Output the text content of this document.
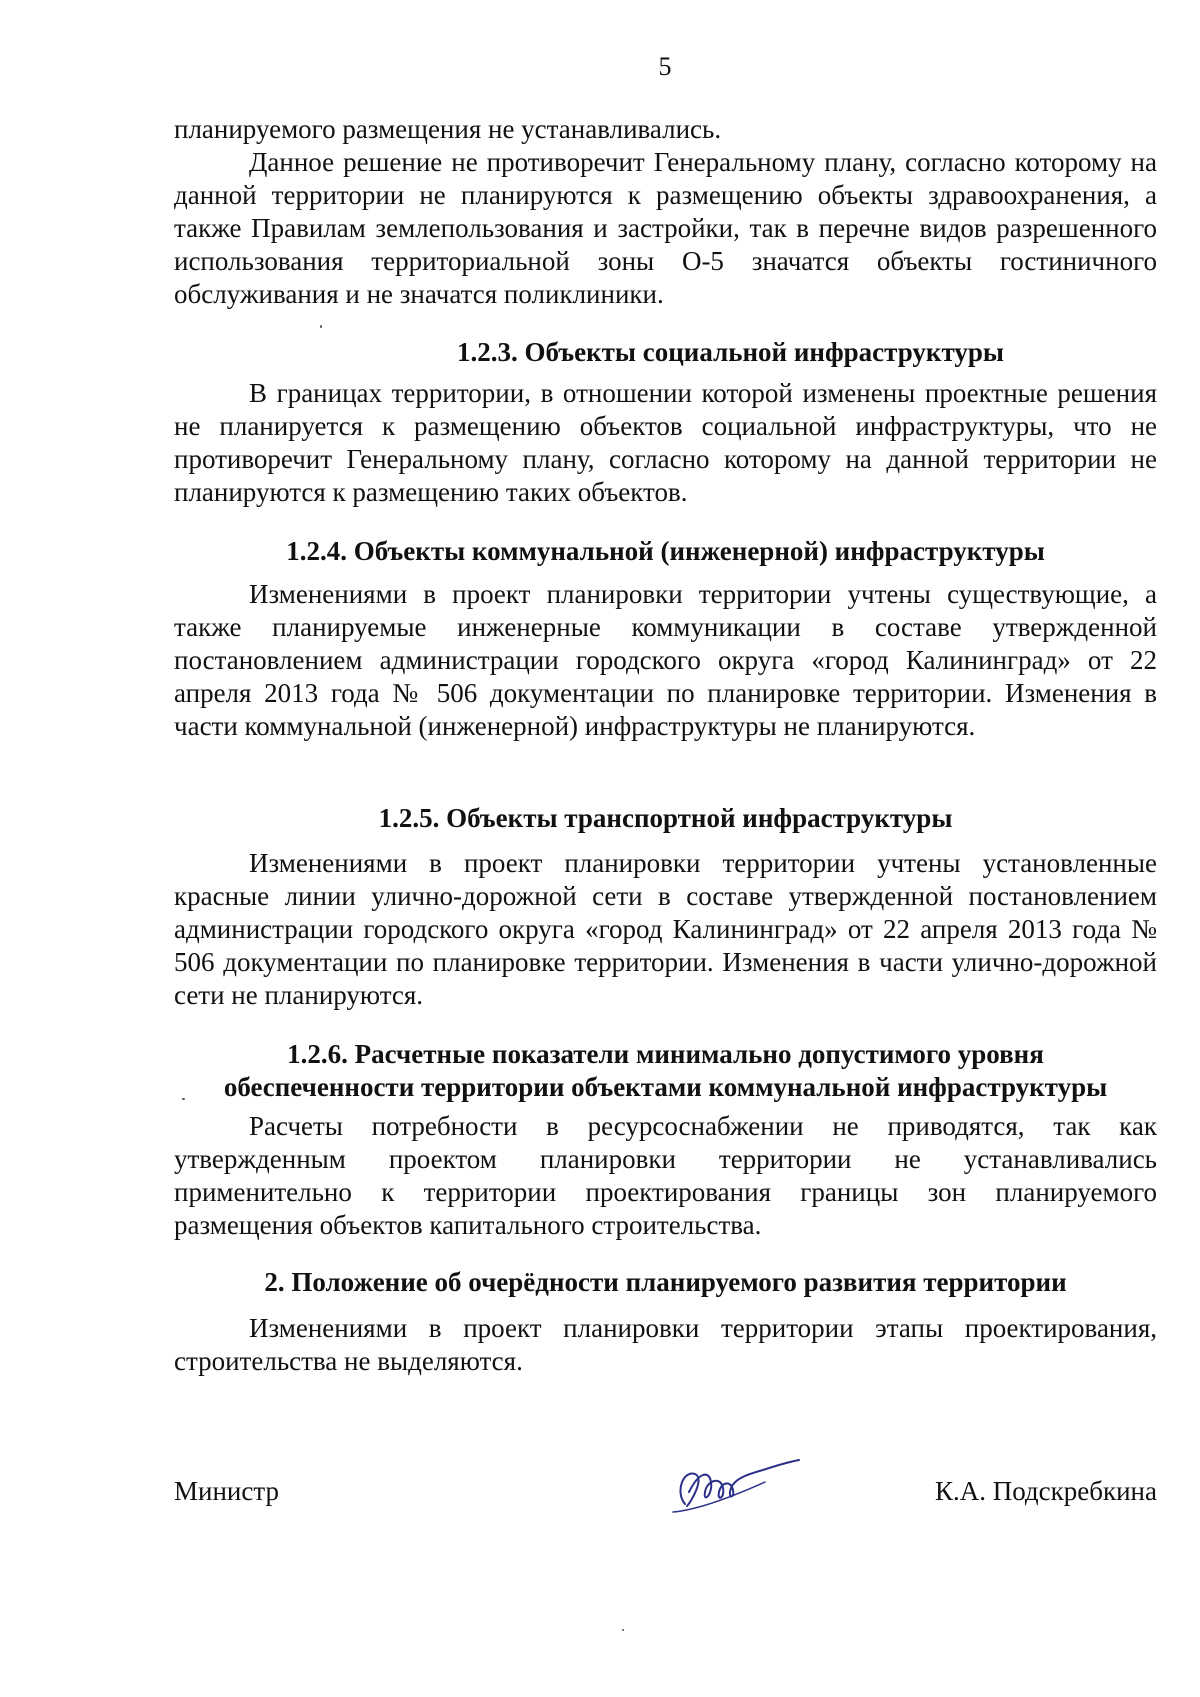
5

планируемого размещения не устанавливались.

Данное решение не противоречит Генеральному плану, согласно которому на данной территории не планируются к размещению объекты здравоохранения, а также Правилам землепользования и застройки, так в перечне видов разрешенного использования территориальной зоны О-5 значатся объекты гостиничного обслуживания и не значатся поликлиники.

1.2.3. Объекты социальной инфраструктуры

В границах территории, в отношении которой изменены проектные решения не планируется к размещению объектов социальной инфраструктуры, что не противоречит Генеральному плану, согласно которому на данной территории не планируются к размещению таких объектов.

1.2.4. Объекты коммунальной (инженерной) инфраструктуры

Изменениями в проект планировки территории учтены существующие, а также планируемые инженерные коммуникации в составе утвержденной постановлением администрации городского округа «город Калининград» от 22 апреля 2013 года № 506 документации по планировке территории. Изменения в части коммунальной (инженерной) инфраструктуры не планируются.

1.2.5. Объекты транспортной инфраструктуры

Изменениями в проект планировки территории учтены установленные красные линии улично-дорожной сети в составе утвержденной постановлением администрации городского округа «город Калининград» от 22 апреля 2013 года № 506 документации по планировке территории. Изменения в части улично-дорожной сети не планируются.

1.2.6. Расчетные показатели минимально допустимого уровня
обеспеченности территории объектами коммунальной инфраструктуры

Расчеты потребности в ресурсоснабжении не приводятся, так как утвержденным проектом планировки территории не устанавливались применительно к территории проектирования границы зон планируемого размещения объектов капитального строительства.

2. Положение об очерёдности планируемого развития территории

Изменениями в проект планировки территории этапы проектирования, строительства не выделяются.

Министр	К.А. Подскребкина
